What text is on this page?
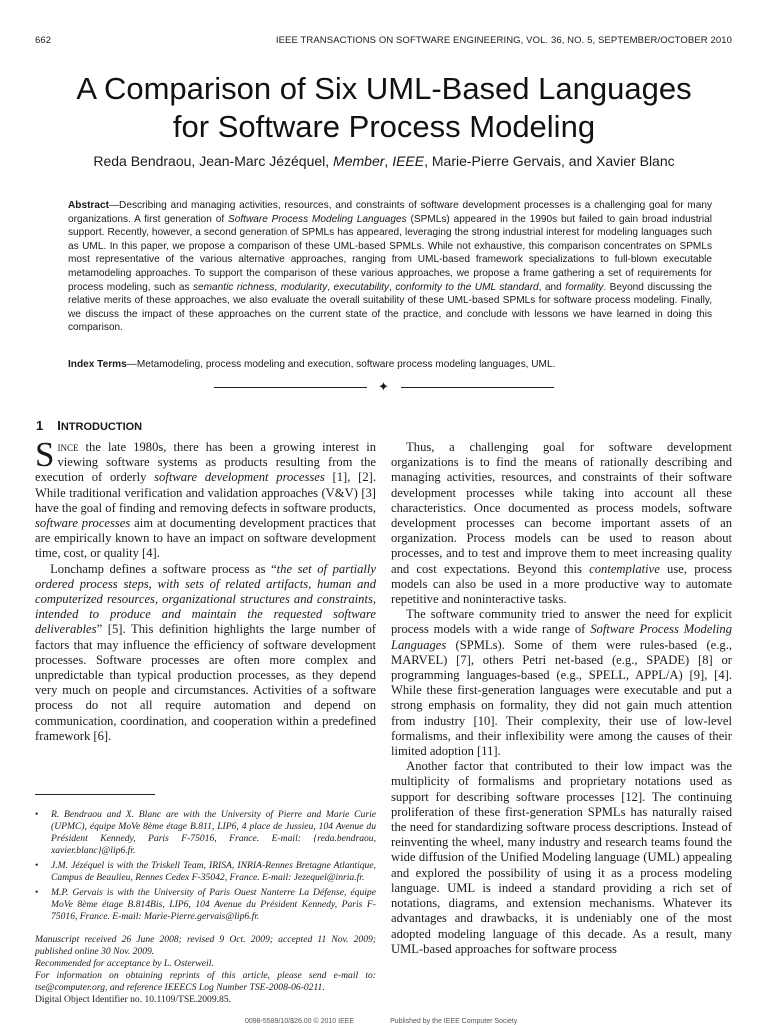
662	IEEE TRANSACTIONS ON SOFTWARE ENGINEERING, VOL. 36, NO. 5, SEPTEMBER/OCTOBER 2010
A Comparison of Six UML-Based Languages
for Software Process Modeling
Reda Bendraou, Jean-Marc Jézéquel, Member, IEEE, Marie-Pierre Gervais, and Xavier Blanc
Abstract—Describing and managing activities, resources, and constraints of software development processes is a challenging goal for many organizations. A first generation of Software Process Modeling Languages (SPMLs) appeared in the 1990s but failed to gain broad industrial support. Recently, however, a second generation of SPMLs has appeared, leveraging the strong industrial interest for modeling languages such as UML. In this paper, we propose a comparison of these UML-based SPMLs. While not exhaustive, this comparison concentrates on SPMLs most representative of the various alternative approaches, ranging from UML-based framework specializations to full-blown executable metamodeling approaches. To support the comparison of these various approaches, we propose a frame gathering a set of requirements for process modeling, such as semantic richness, modularity, executability, conformity to the UML standard, and formality. Beyond discussing the relative merits of these approaches, we also evaluate the overall suitability of these UML-based SPMLs for software process modeling. Finally, we discuss the impact of these approaches on the current state of the practice, and conclude with lessons we have learned in doing this comparison.
Index Terms—Metamodeling, process modeling and execution, software process modeling languages, UML.
✦
1 INTRODUCTION

Since the late 1980s, there has been a growing interest in viewing software systems as products resulting from the execution of orderly software development processes [1], [2]. While traditional verification and validation approaches (V&V) [3] have the goal of finding and removing defects in software products, software processes aim at documenting development practices that are empirically known to have an impact on software development time, cost, or quality [4].

Lonchamp defines a software process as “the set of partially ordered process steps, with sets of related artifacts, human and computerized resources, organizational structures and constraints, intended to produce and maintain the requested software deliverables” [5]. This definition highlights the large number of factors that may influence the efficiency of software development processes. Software processes are often more complex and unpredictable than typical production processes, as they depend very much on people and circumstances. Activities of a software process do not all require automation and depend on communication, coordination, and cooperation within a predefined framework [6].

Thus, a challenging goal for software development organizations is to find the means of rationally describing and managing activities, resources, and constraints of their software development processes while taking into account all these characteristics. Once documented as process models, software development processes can become important assets of an organization. Process models can be used to reason about processes, and to test and improve them to meet increasing quality and cost expectations. Beyond this contemplative use, process models can also be used in a more productive way to automate repetitive and noninteractive tasks.

The software community tried to answer the need for explicit process models with a wide range of Software Process Modeling Languages (SPMLs). Some of them were rules-based (e.g., MARVEL) [7], others Petri net-based (e.g., SPADE) [8] or programming languages-based (e.g., SPELL, APPL/A) [9], [4]. While these first-generation languages were executable and put a strong emphasis on formality, they did not gain much attention from industry [10]. Their complexity, their use of low-level formalisms, and their inflexibility were among the causes of their limited adoption [11].

Another factor that contributed to their low impact was the multiplicity of formalisms and proprietary notations used as support for describing software processes [12]. The continuing proliferation of these first-generation SPMLs has naturally raised the need for standardizing software process descriptions. Instead of reinventing the wheel, many industry and research teams found the wide diffusion of the Unified Modeling language (UML) appealing and explored the possibility of using it as a process modeling language. UML is indeed a standard providing a rich set of notations, diagrams, and extension mechanisms. Whatever its advantages and drawbacks, it is undeniably one of the most adopted modeling language of this decade. As a result, many UML-based approaches for software process

• R. Bendraou and X. Blanc are with the University of Pierre and Marie Curie (UPMC), équipe MoVe 8ème étage B.811, LIP6, 4 place de Jussieu, 104 Avenue du Président Kennedy, Paris F-75016, France. E-mail: {reda.bendraou, xavier.blanc}@lip6.fr.
• J.M. Jézéquel is with the Triskell Team, IRISA, INRIA-Rennes Bretagne Atlantique, Campus de Beaulieu, Rennes Cedex F-35042, France. E-mail: Jezequel@inria.fr.
• M.P. Gervais is with the University of Paris Ouest Nanterre La Défense, équipe MoVe 8ème étage B.814Bis, LIP6, 104 Avenue du Président Kennedy, Paris F-75016, France. E-mail: Marie-Pierre.gervais@lip6.fr.
Manuscript received 26 June 2008; revised 9 Oct. 2009; accepted 11 Nov. 2009; published online 30 Nov. 2009.
Recommended for acceptance by L. Osterweil.
For information on obtaining reprints of this article, please send e-mail to: tse@computer.org, and reference IEEECS Log Number TSE-2008-06-0211.
Digital Object Identifier no. 10.1109/TSE.2009.85.
0098-5589/10/$26.00 © 2010 IEEE	Published by the IEEE Computer Society
